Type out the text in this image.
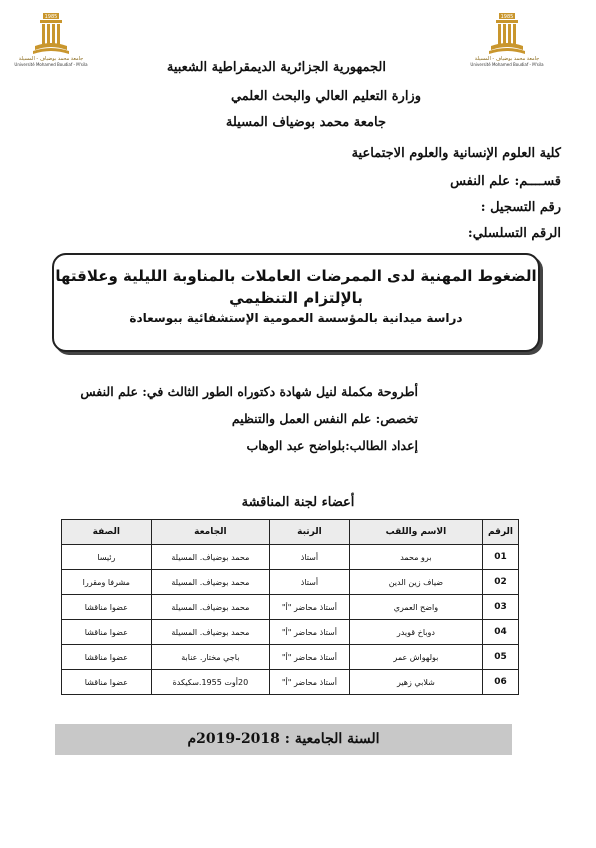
1985
جامعة محمد بوضياف - المسيلة
Université Mohamed Boudiaf - M'sila
1985
جامعة محمد بوضياف - المسيلة
Université Mohamed Boudiaf - M'sila
الجمهورية الجزائرية الديمقراطية الشعبية
وزارة التعليم العالي والبحث العلمي
جامعة محمد بوضياف المسيلة
كلية العلوم الإنسانية والعلوم الاجتماعية
قســــم: علم النفس
رقم التسجيل :
الرقم التسلسلي:
الضغوط المهنية لدى الممرضات العاملات بالمناوبة الليلية وعلاقتها
بالإلتزام التنظيمي
دراسة ميدانية بالمؤسسة العمومية الإستشفائية ببوسعادة
أطروحة مكملة لنيل شهادة دكتوراه الطور الثالث في: علم النفس
تخصص: علم النفس العمل والتنظيم
إعداد الطالب:بلواضح عبد الوهاب
أعضاء لجنة المناقشة
الرقم	الاسم واللقب	الرتبة	الجامعة	الصفة
01	برو محمد	أستاذ	محمد بوضياف. المسيلة	رئيسا
02	ضياف زين الدين	أستاذ	محمد بوضياف. المسيلة	مشرفا ومقررا
03	واضح العمري	أستاذ محاضر "أ"	محمد بوضياف. المسيلة	عضوا مناقشا
04	دوباخ قويدر	أستاذ محاضر "أ"	محمد بوضياف. المسيلة	عضوا مناقشا
05	بولهواش عمر	أستاذ محاضر "أ"	باجي مختار. عنابة	عضوا مناقشا
06	شلابي زهير	أستاذ محاضر "أ"	20أوت 1955.سكيكدة	عضوا مناقشا
السنة الجامعية : 2018-2019م
